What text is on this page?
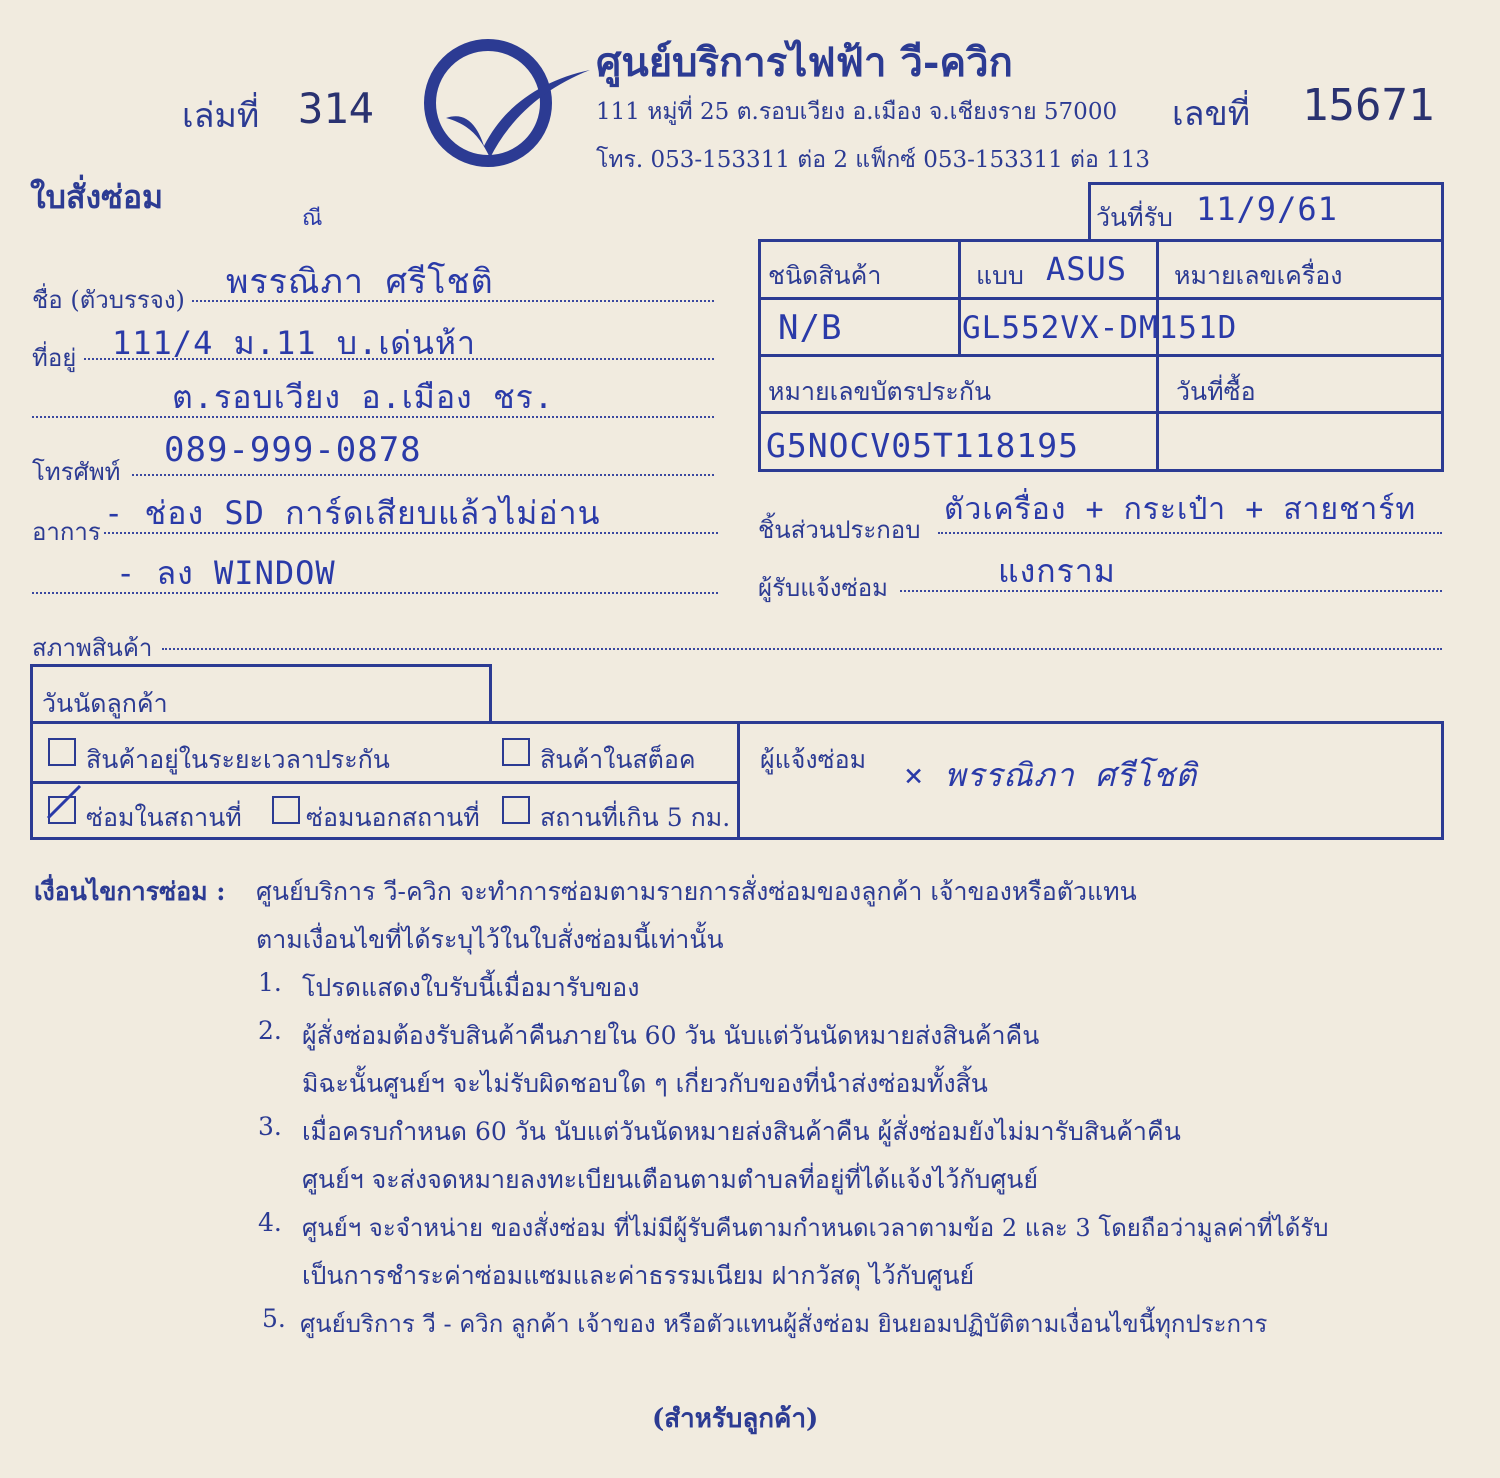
เล่มที่ 314
ศูนย์บริการไฟฟ้า วี-ควิก
111 หมู่ที่ 25 ต.รอบเวียง อ.เมือง จ.เชียงราย 57000
โทร. 053-153311 ต่อ 2 แฟ็กซ์ 053-153311 ต่อ 113
เลขที่ 15671
ใบสั่งซ่อม
ณี
ชื่อ (ตัวบรรจง) พรรณิภา ศรีโชติ
ที่อยู่ 111/4 ม.11 บ.เด่นห้า
ต.รอบเวียง อ.เมือง ชร.
โทรศัพท์
089-999-0878
อาการ - ช่อง SD การ์ดเสียบแล้วไม่อ่าน
- ลง WINDOW
สภาพสินค้า
วันที่รับ 11/9/61
ชนิดสินค้า	แบบ ASUS หมายเลขเครื่อง
N/B	GL552VX-DM151D
หมายเลขบัตรประกัน	วันที่ซื้อ
G5NOCV05T118195
ชิ้นส่วนประกอบ
ตัวเครื่อง + กระเป๋า + สายชาร์ท
ผู้รับแจ้งซ่อม	แงกราม
วันนัดลูกค้า
สินค้าอยู่ในระยะเวลาประกัน	สินค้าในสต็อค
ซ่อมในสถานที่	ซ่อมนอกสถานที่ สถานที่เกิน 5 กม.
ผู้แจ้งซ่อม × พรรณิภา ศรีโชติ
เงื่อนไขการซ่อม : ศูนย์บริการ วี-ควิก จะทำการซ่อมตามรายการสั่งซ่อมของลูกค้า เจ้าของหรือตัวแทน
ตามเงื่อนไขที่ได้ระบุไว้ในใบสั่งซ่อมนี้เท่านั้น
1. โปรดแสดงใบรับนี้เมื่อมารับของ
2. ผู้สั่งซ่อมต้องรับสินค้าคืนภายใน 60 วัน นับแต่วันนัดหมายส่งสินค้าคืน
มิฉะนั้นศูนย์ฯ จะไม่รับผิดชอบใด ๆ เกี่ยวกับของที่นำส่งซ่อมทั้งสิ้น
3. เมื่อครบกำหนด 60 วัน นับแต่วันนัดหมายส่งสินค้าคืน ผู้สั่งซ่อมยังไม่มารับสินค้าคืน
ศูนย์ฯ จะส่งจดหมายลงทะเบียนเตือนตามตำบลที่อยู่ที่ได้แจ้งไว้กับศูนย์
4. ศูนย์ฯ จะจำหน่าย ของสั่งซ่อม ที่ไม่มีผู้รับคืนตามกำหนดเวลาตามข้อ 2 และ 3 โดยถือว่ามูลค่าที่ได้รับ
เป็นการชำระค่าซ่อมแซมและค่าธรรมเนียม ฝากวัสดุ ไว้กับศูนย์
5. ศูนย์บริการ วี - ควิก ลูกค้า เจ้าของ หรือตัวแทนผู้สั่งซ่อม ยินยอมปฏิบัติตามเงื่อนไขนี้ทุกประการ
(สำหรับลูกค้า)
